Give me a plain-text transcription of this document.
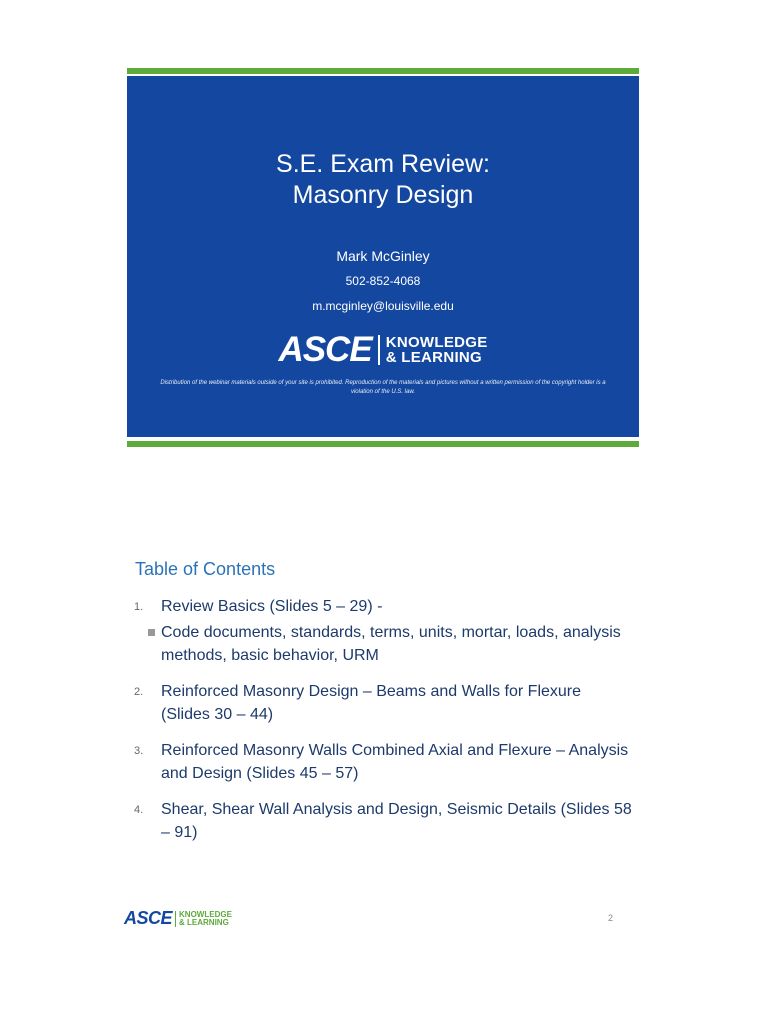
S.E. Exam Review:
Masonry Design
Mark McGinley
502-852-4068
m.mcginley@louisville.edu
ASCE KNOWLEDGE
& LEARNING
Distribution of the webinar materials outside of your site is prohibited. Reproduction of the materials and pictures without a written permission of the copyright holder is a violation of the U.S. law.
Table of Contents
1. Review Basics (Slides 5 – 29) -
Code documents, standards, terms, units, mortar, loads, analysis methods, basic behavior, URM
2. Reinforced Masonry Design – Beams and Walls for Flexure (Slides 30 – 44)
3. Reinforced Masonry Walls Combined Axial and Flexure – Analysis and Design (Slides 45 – 57)
4. Shear, Shear Wall Analysis and Design, Seismic Details (Slides 58 – 91)
ASCE KNOWLEDGE
& LEARNING	2
